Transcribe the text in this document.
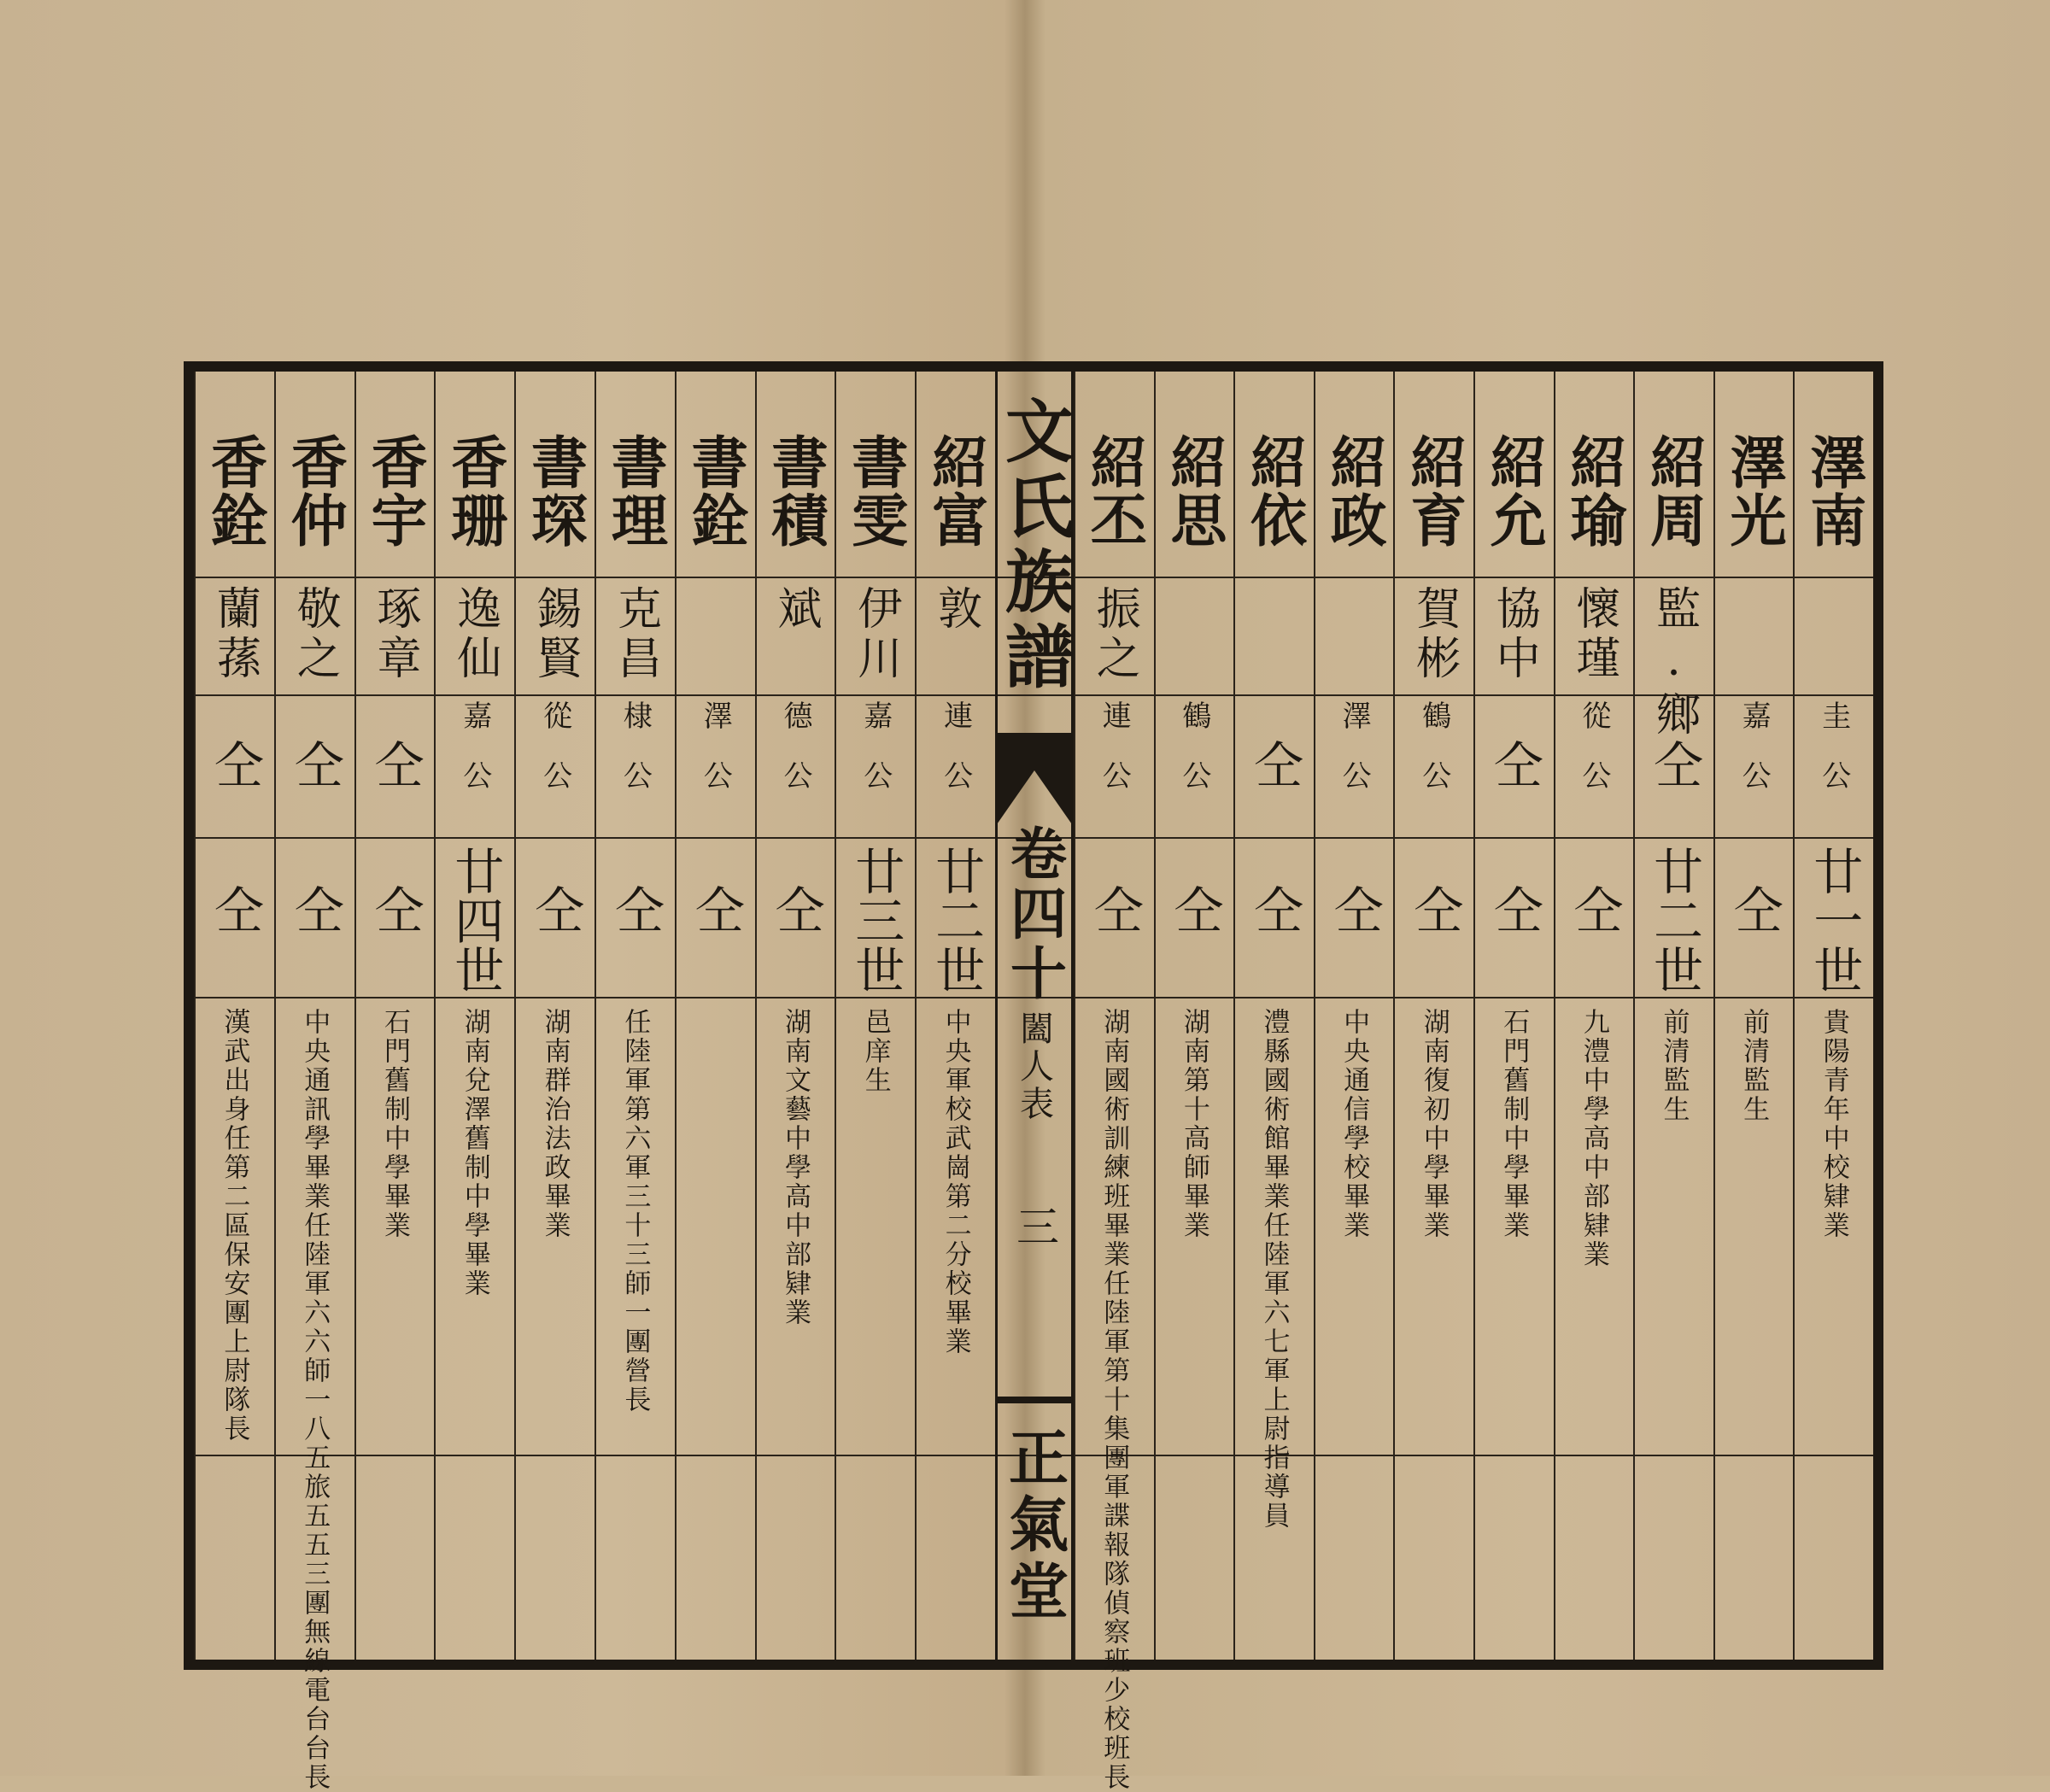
文氏族譜
卷四十
闔人表
三
正氣堂
澤南
圭公
廿一世
貴陽青年中校肄業
澤光
嘉公
仝
前清監生
紹周
監.鄉
仝
廿二世
前清監生
紹瑜
懷瑾
從公
仝
九澧中學高中部肄業
紹允
協中
仝
仝
石門舊制中學畢業
紹育
賀彬
鶴公
仝
湖南復初中學畢業
紹政
澤公
仝
中央通信學校畢業
紹依
仝
仝
澧縣國術館畢業任陸軍六七軍上尉指導員
紹思
鶴公
仝
湖南第十高師畢業
紹丕
振之
連公
仝
湖南國術訓練班畢業任陸軍第十集團軍諜報隊偵察班少校班長
紹富
敦
連公
廿二世
中央軍校武崗第二分校畢業
書雯
伊川
嘉公
廿三世
邑庠生
書積
斌
德公
仝
湖南文藝中學高中部肄業
書銓
澤公
仝
書理
克昌
棣公
仝
任陸軍第六軍三十三師一團營長
書琛
錫賢
從公
仝
湖南群治法政畢業
香珊
逸仙
嘉公
廿四世
湖南兌澤舊制中學畢業
香宇
琢章
仝
仝
石門舊制中學畢業
香仲
敬之
仝
仝
中央通訊學畢業任陸軍六六師一八五旅五五三團無線電台台長
香銓
蘭蓀
仝
仝
漢武出身任第二區保安團上尉隊長
